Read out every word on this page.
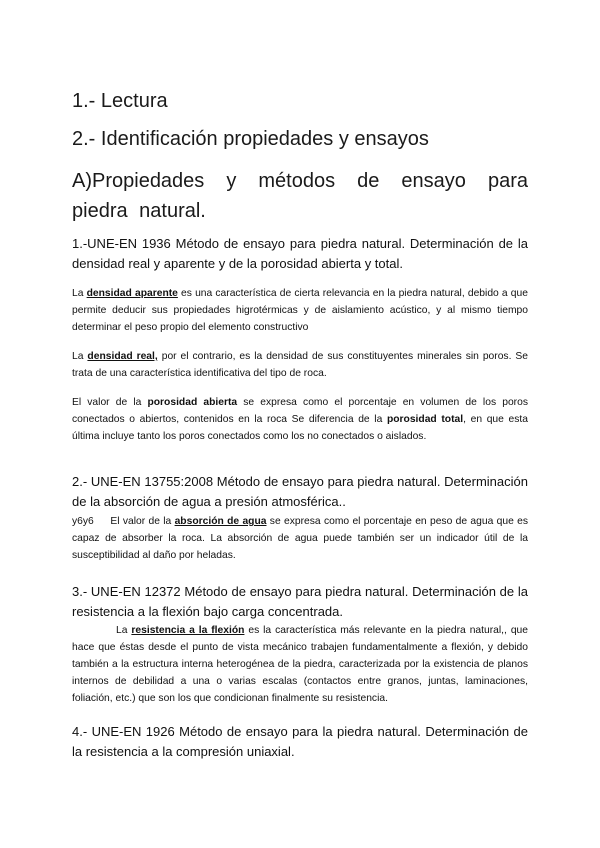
1.- Lectura

2.- Identificación propiedades y ensayos

A)Propiedades y métodos de ensayo para piedra natural.

1.-UNE-EN 1936 Método de ensayo para piedra natural. Determinación de la densidad real y aparente y de la porosidad abierta y total.

La densidad aparente es una característica de cierta relevancia en la piedra natural, debido a que permite deducir sus propiedades higrotérmicas y de aislamiento acústico, y al mismo tiempo determinar el peso propio del elemento constructivo

La densidad real, por el contrario, es la densidad de sus constituyentes minerales sin poros. Se trata de una característica identificativa del tipo de roca.

El valor de la porosidad abierta se expresa como el porcentaje en volumen de los poros conectados o abiertos, contenidos en la roca Se diferencia de la porosidad total, en que esta última incluye tanto los poros conectados como los no conectados o aislados.

2.- UNE-EN 13755:2008 Método de ensayo para piedra natural. Determinación de la absorción de agua a presión atmosférica..

y6y6     El valor de la absorción de agua se expresa como el porcentaje en peso de agua que es capaz de absorber la roca. La absorción de agua puede también ser un indicador útil de la susceptibilidad al daño por heladas.

3.- UNE-EN 12372 Método de ensayo para piedra natural. Determinación de la resistencia a la flexión bajo carga concentrada.

La resistencia a la flexión es la característica más relevante en la piedra natural,, que hace que éstas desde el punto de vista mecánico trabajen fundamentalmente a flexión, y debido también a la estructura interna heterogénea de la piedra, caracterizada por la existencia de planos internos de debilidad a una o varias escalas (contactos entre granos, juntas, laminaciones, foliación, etc.) que son los que condicionan finalmente su resistencia.

4.- UNE-EN 1926 Método de ensayo para la piedra natural. Determinación de la resistencia a la compresión uniaxial.
